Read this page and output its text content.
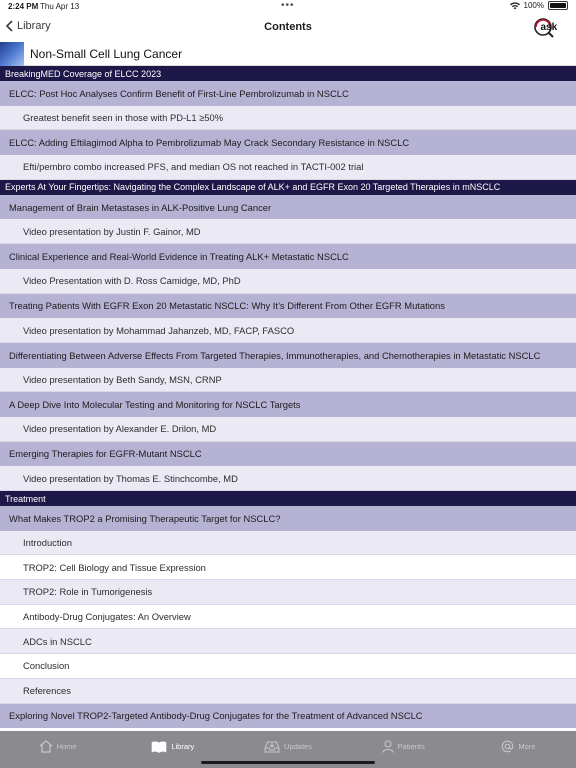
2:24 PM Thu Apr 13	•••	100%
Library	Contents	ask
Non-Small Cell Lung Cancer
BreakingMED Coverage of ELCC 2023
ELCC: Post Hoc Analyses Confirm Benefit of First-Line Pembrolizumab in NSCLC
Greatest benefit seen in those with PD-L1 ≥50%
ELCC: Adding Eftilagimod Alpha to Pembrolizumab May Crack Secondary Resistance in NSCLC
Efti/pembro combo increased PFS, and median OS not reached in TACTI-002 trial
Experts At Your Fingertips: Navigating the Complex Landscape of ALK+ and EGFR Exon 20 Targeted Therapies in mNSCLC
Management of Brain Metastases in ALK-Positive Lung Cancer
Video presentation by Justin F. Gainor, MD
Clinical Experience and Real-World Evidence in Treating ALK+ Metastatic NSCLC
Video Presentation with D. Ross Camidge, MD, PhD
Treating Patients With EGFR Exon 20 Metastatic NSCLC: Why It’s Different From Other EGFR Mutations
Video presentation by Mohammad Jahanzeb, MD, FACP, FASCO
Differentiating Between Adverse Effects From Targeted Therapies, Immunotherapies, and Chemotherapies in Metastatic NSCLC
Video presentation by Beth Sandy, MSN, CRNP
A Deep Dive Into Molecular Testing and Monitoring for NSCLC Targets
Video presentation by Alexander E. Drilon, MD
Emerging Therapies for EGFR-Mutant NSCLC
Video presentation by Thomas E. Stinchcombe, MD
Treatment
What Makes TROP2 a Promising Therapeutic Target for NSCLC?
Introduction
TROP2: Cell Biology and Tissue Expression
TROP2: Role in Tumorigenesis
Antibody-Drug Conjugates: An Overview
ADCs in NSCLC
Conclusion
References
Exploring Novel TROP2-Targeted Antibody-Drug Conjugates for the Treatment of Advanced NSCLC
Home	Library	Updates	Patients	More
